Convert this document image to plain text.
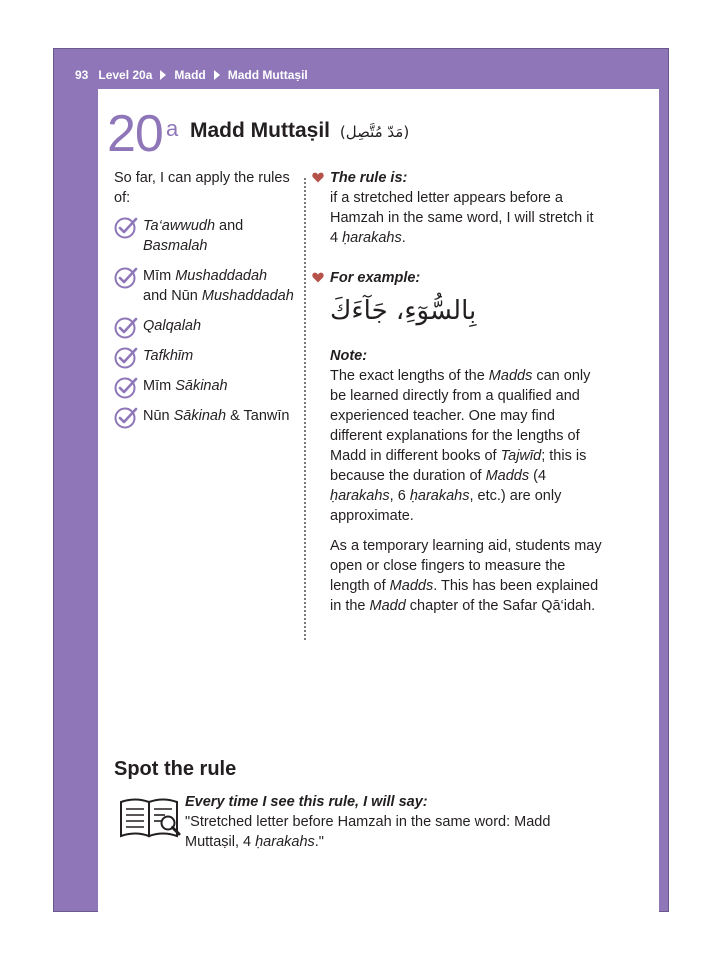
93 Level 20a Madd Madd Muttaṣil
20 a Madd Muttaṣil (مَدّ مُتَّصِل)
So far, I can apply the rules of:
Ta‘awwudh and Basmalah
Mīm Mushaddadah and Nūn Mushaddadah
Qalqalah
Tafkhīm
Mīm Sākinah
Nūn Sākinah & Tanwīn
The rule is:
if a stretched letter appears before a Hamzah in the same word, I will stretch it 4 ḥarakahs.
For example:
بِالسُّوٓءِ، جَآءَكَ
Note:
The exact lengths of the Madds can only be learned directly from a qualified and experienced teacher. One may find different explanations for the lengths of Madd in different books of Tajwīd; this is because the duration of Madds (4 ḥarakahs, 6 ḥarakahs, etc.) are only approximate.
As a temporary learning aid, students may open or close fingers to measure the length of Madds. This has been explained in the Madd chapter of the Safar Qā‘idah.
Spot the rule
Every time I see this rule, I will say:
"Stretched letter before Hamzah in the same word: Madd Muttaṣil, 4 ḥarakahs."
